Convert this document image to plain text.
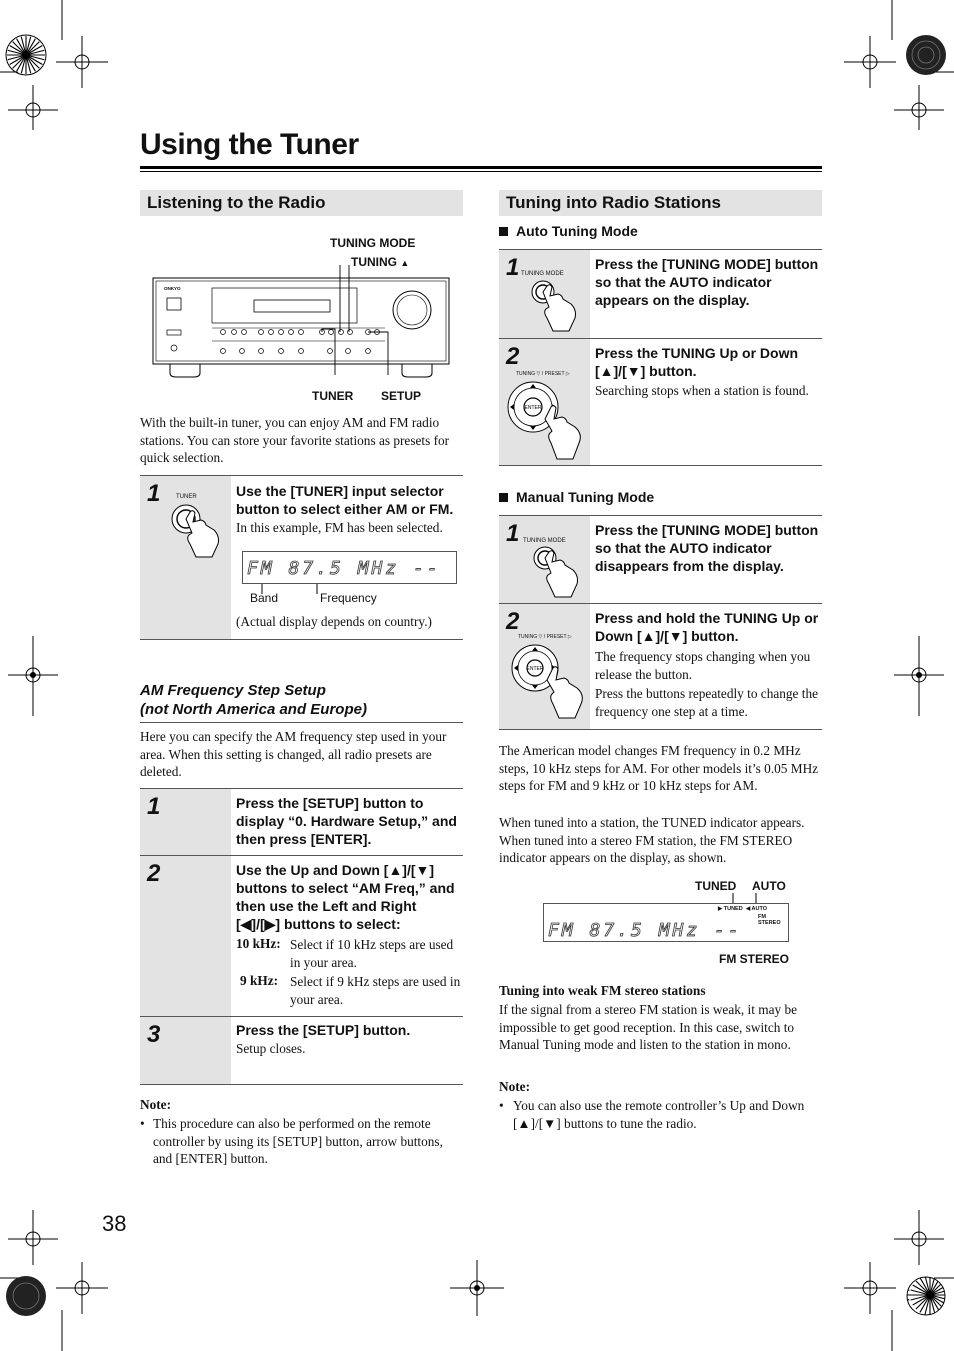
Using the Tuner
Listening to the Radio
TUNING MODE
TUNING ▲
TUNER SETUP
ONKYO
With the built-in tuner, you can enjoy AM and FM radio stations. You can store your favorite stations as presets for quick selection.
1	TUNER	Use the [TUNER] input selector button to select either AM or FM.
In this example, FM has been selected.
FM 87.5 MHz --
Band	Frequency
(Actual display depends on country.)
AM Frequency Step Setup
(not North America and Europe)
Here you can specify the AM frequency step used in your area. When this setting is changed, all radio presets are deleted.
1	Press the [SETUP] button to display “0. Hardware Setup,” and then press [ENTER].
2	Use the Up and Down [▲]/[▼] buttons to select “AM Freq,” and then use the Left and Right [◀]/[▶] buttons to select:
10 kHz: Select if 10 kHz steps are used in your area.
9 kHz: Select if 9 kHz steps are used in your area.
3	Press the [SETUP] button.
Setup closes.
Note:
• This procedure can also be performed on the remote controller by using its [SETUP] button, arrow buttons, and [ENTER] button.
Tuning into Radio Stations
Auto Tuning Mode
1 TUNING MODE
Press the [TUNING MODE] button so that the AUTO indicator appears on the display.
2
TUNING ▽ / PRESET ▷
ENTER
Press the TUNING Up or Down [▲]/[▼] button.
Searching stops when a station is found.
Manual Tuning Mode
1 TUNING MODE
Press the [TUNING MODE] button so that the AUTO indicator disappears from the display.
2
TUNING ▽ / PRESET ▷
ENTER
Press and hold the TUNING Up or Down [▲]/[▼] button.
The frequency stops changing when you release the button.
Press the buttons repeatedly to change the frequency one step at a time.
The American model changes FM frequency in 0.2 MHz steps, 10 kHz steps for AM. For other models it’s 0.05 MHz steps for FM and 9 kHz or 10 kHz steps for AM.
When tuned into a station, the TUNED indicator appears. When tuned into a stereo FM station, the FM STEREO indicator appears on the display, as shown.
TUNED AUTO
▶ TUNED ◀ AUTO
FM STEREO
FM 87.5 MHz --
FM STEREO
Tuning into weak FM stereo stations
If the signal from a stereo FM station is weak, it may be impossible to get good reception. In this case, switch to Manual Tuning mode and listen to the station in mono.
Note:
• You can also use the remote controller’s Up and Down [▲]/[▼] buttons to tune the radio.
38
